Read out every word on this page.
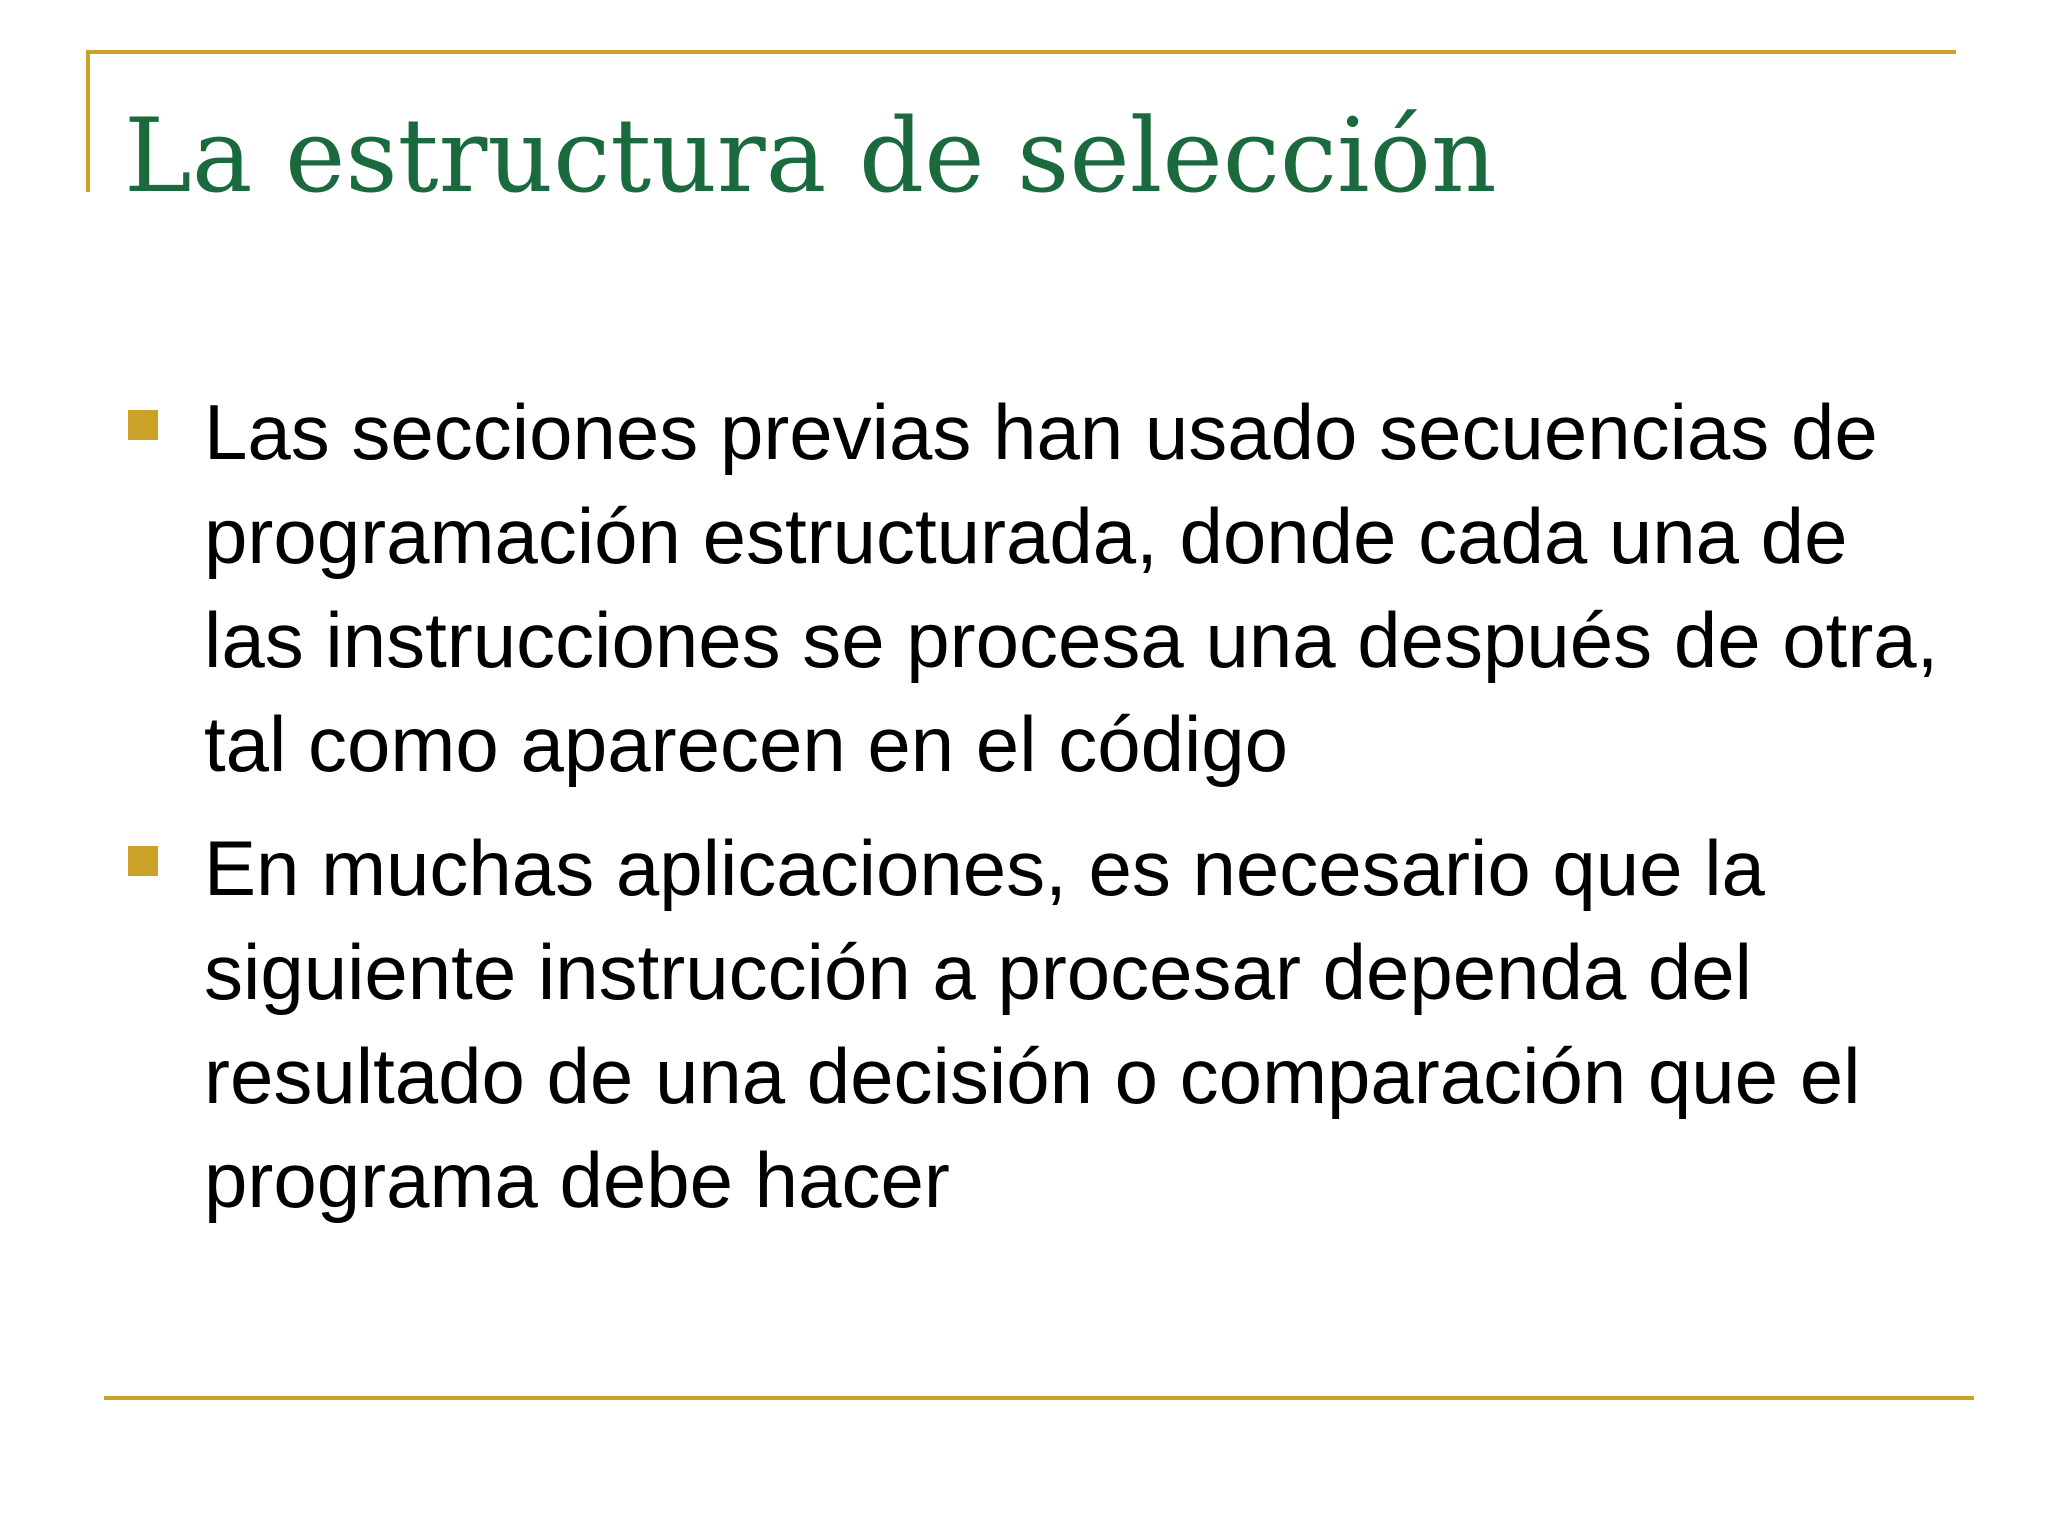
La estructura de selección
Las secciones previas han usado secuencias de programación estructurada, donde cada una de las instrucciones se procesa una después de otra, tal como aparecen en el código
En muchas aplicaciones, es necesario que la siguiente instrucción a procesar dependa del resultado de una decisión o comparación que el programa debe hacer
